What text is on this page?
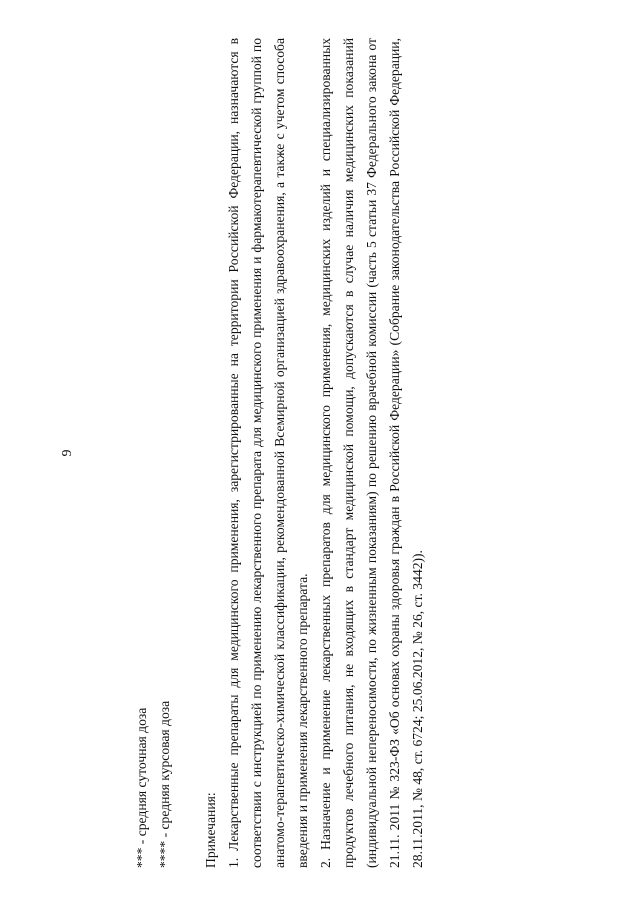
9

*** - средняя суточная доза **** - средняя курсовая доза Примечания: 1. Лекарственные препараты для медицинского применения, зарегистрированные на территории Российской Федерации, назначаются в соответствии с инструкцией по применению лекарственного препарата для медицинского применения и фармакотерапевтической группой по анатомо-терапевтическо-химической классификации, рекомендованной Всемирной организацией здравоохранения, а также с учетом способа введения и применения лекарственного препарата. 2. Назначение и применение лекарственных препаратов для медицинского применения, медицинских изделий и специализированных продуктов лечебного питания, не входящих в стандарт медицинской помощи, допускаются в случае наличия медицинских показаний (индивидуальной непереносимости, по жизненным показаниям) по решению врачебной комиссии (часть 5 статьи 37 Федерального закона от 21.11. 2011 № 323-ФЗ «Об основах охраны здоровья граждан в Российской Федерации» (Собрание законодательства Российской Федерации, 28.11.2011, № 48, ст. 6724; 25.06.2012, № 26, ст. 3442)).
